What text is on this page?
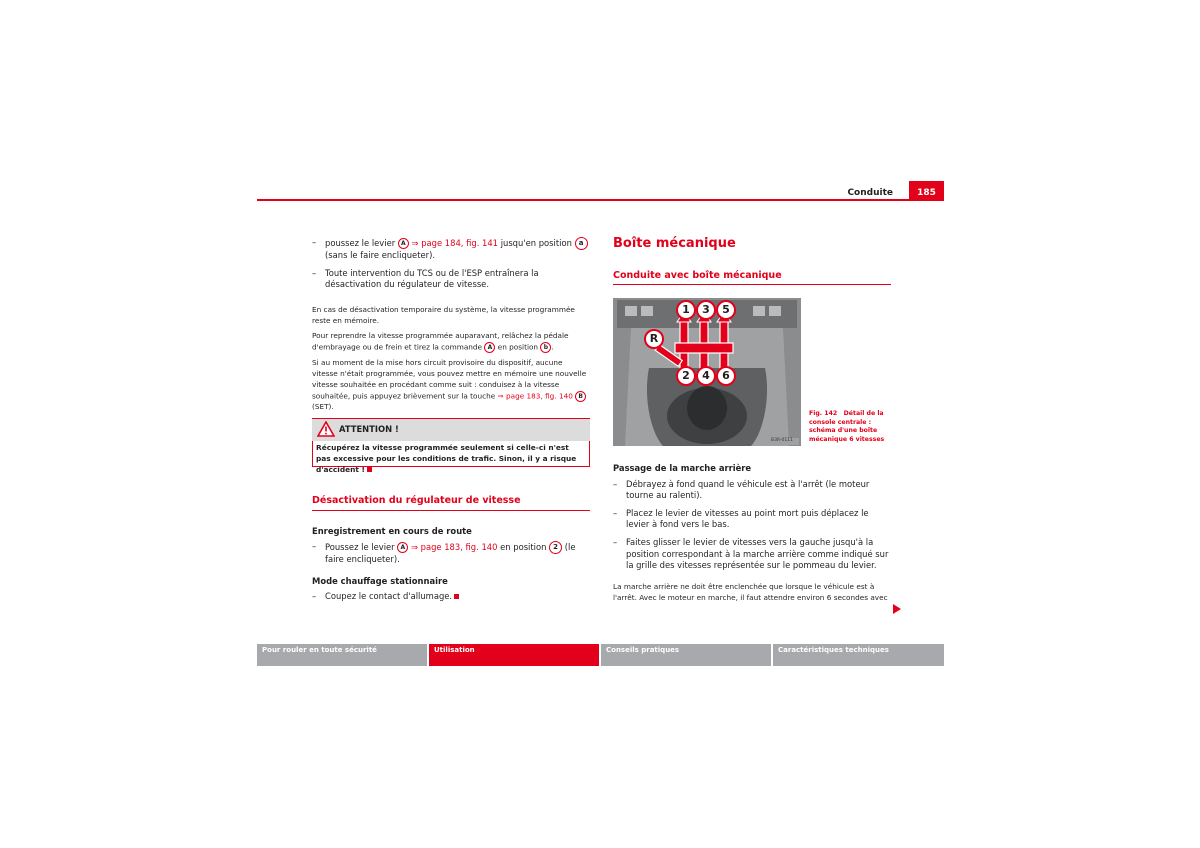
Conduite	185
– poussez le levier A ⇒ page 184, fig. 141 jusqu'en position a (sans le faire encliqueter).
– Toute intervention du TCS ou de l'ESP entraînera la désactivation du régulateur de vitesse.

En cas de désactivation temporaire du système, la vitesse programmée reste en mémoire.

Pour reprendre la vitesse programmée auparavant, relâchez la pédale d'embrayage ou de frein et tirez la commande A en position b .

Si au moment de la mise hors circuit provisoire du dispositif, aucune vitesse n'était programmée, vous pouvez mettre en mémoire une nouvelle vitesse souhaitée en procédant comme suit : conduisez à la vitesse souhaitée, puis appuyez brièvement sur la touche ⇒ page 183, fig. 140 B (SET).

ATTENTION !
Récupérez la vitesse programmée seulement si celle-ci n'est pas excessive pour les conditions de trafic. Sinon, il y a risque d'accident !
Désactivation du régulateur de vitesse
Enregistrement en cours de route
– Poussez le levier A ⇒ page 183, fig. 140 en position 2 (le faire encliqueter).
Mode chauffage stationnaire
– Coupez le contact d'allumage.
Boîte mécanique
Conduite avec boîte mécanique
1	3	5
2	4	6
R
B3R-0111
Fig. 142 Détail de la console centrale : schéma d'une boîte mécanique 6 vitesses
Passage de la marche arrière
– Débrayez à fond quand le véhicule est à l'arrêt (le moteur tourne au ralenti).
– Placez le levier de vitesses au point mort puis déplacez le levier à fond vers le bas.
– Faites glisser le levier de vitesses vers la gauche jusqu'à la position correspondant à la marche arrière comme indiqué sur la grille des vitesses représentée sur le pommeau du levier.

La marche arrière ne doit être enclenchée que lorsque le véhicule est à l'arrêt. Avec le moteur en marche, il faut attendre environ 6 secondes avec

Pour rouler en toute sécurité	Utilisation	Conseils pratiques	Caractéristiques techniques
